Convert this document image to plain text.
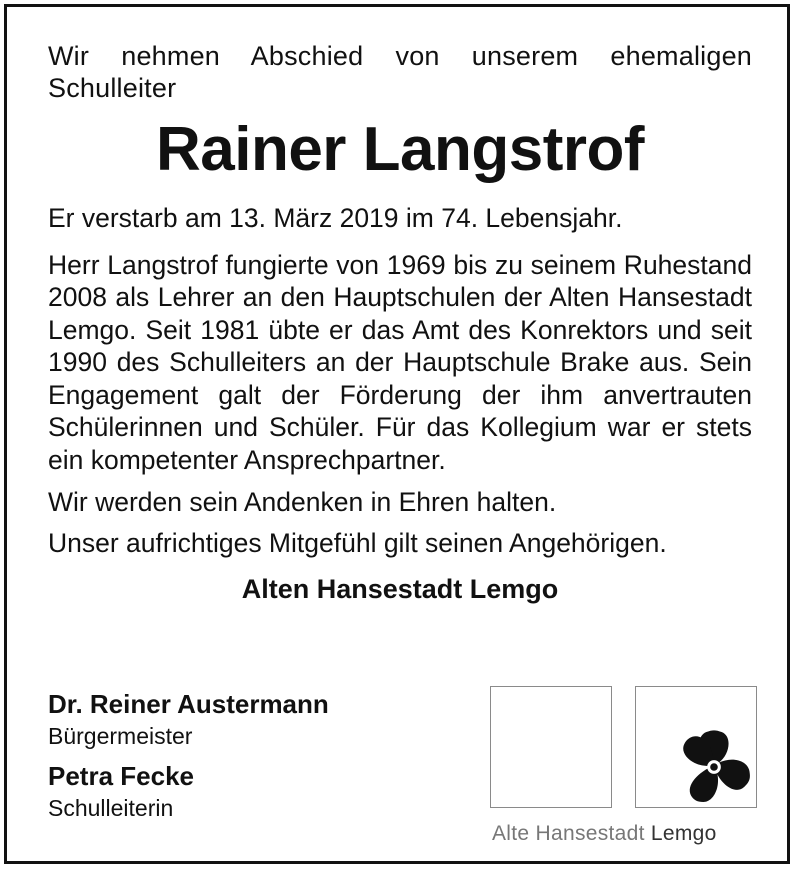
Wir nehmen Abschied von unserem ehemaligen Schulleiter

Rainer Langstrof

Er verstarb am 13. März 2019 im 74. Lebensjahr.

Herr Langstrof fungierte von 1969 bis zu seinem Ruhestand 2008 als Lehrer an den Hauptschulen der Alten Hansestadt Lemgo. Seit 1981 übte er das Amt des Konrektors und seit 1990 des Schulleiters an der Hauptschule Brake aus. Sein Engagement galt der Förderung der ihm anvertrauten Schülerinnen und Schüler. Für das Kollegium war er stets ein kompetenter Ansprechpartner.

Wir werden sein Andenken in Ehren halten.

Unser aufrichtiges Mitgefühl gilt seinen Angehörigen.

Alten Hansestadt Lemgo

Dr. Reiner Austermann

Bürgermeister

Petra Fecke

Schulleiterin

Alte Hansestadt Lemgo
